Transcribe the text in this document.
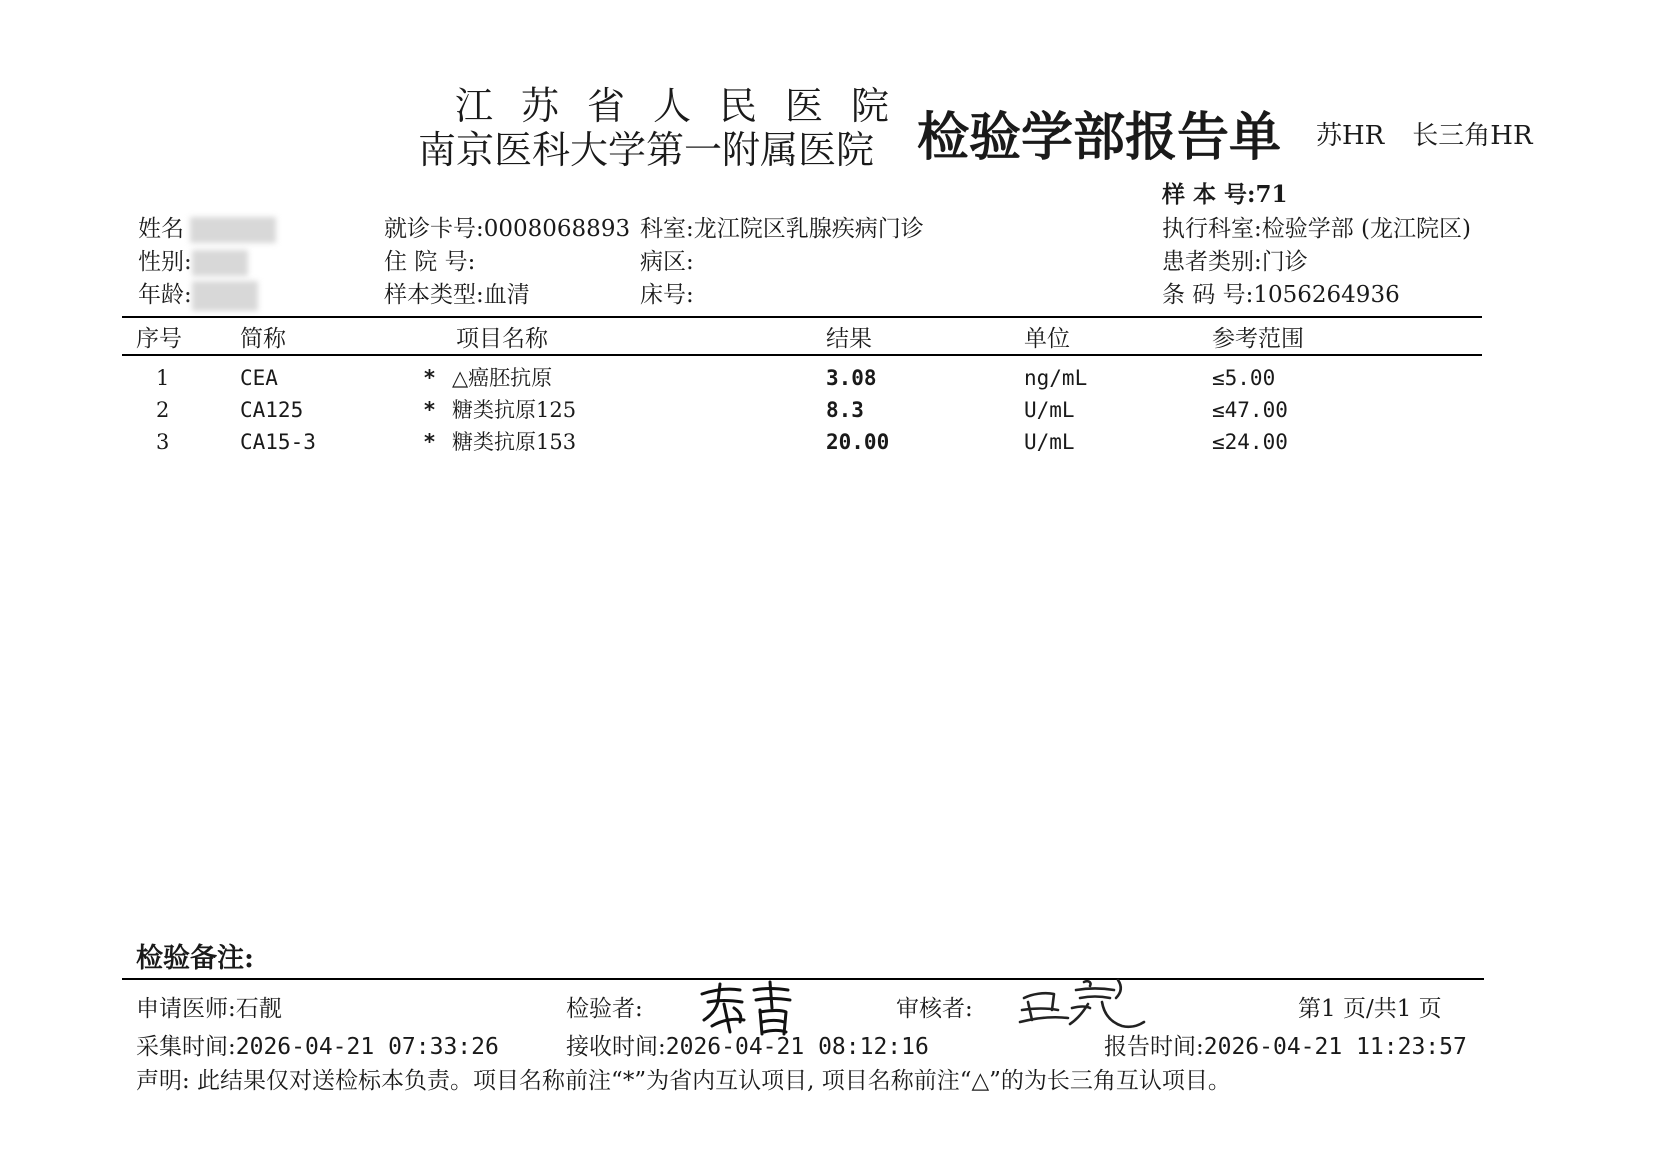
江苏省人民医院
南京医科大学第一附属医院 检验学部报告单 苏HR 长三角HR
样 本 号:71
姓名
性别:
年龄:
就诊卡号:0008068893
住 院 号:
样本类型:血清
科室:龙江院区乳腺疾病门诊
病区:
床号:
执行科室:检验学部 (龙江院区)
患者类别:门诊
条 码 号:1056264936
序号	简称	项目名称	结果	单位	参考范围
1	CEA	* △癌胚抗原	3.08	ng/mL	≤5.00
2	CA125	* 糖类抗原125	8.3	U/mL	≤47.00
3	CA15-3	* 糖类抗原153	20.00	U/mL	≤24.00
检验备注:
申请医师:石靓	检验者:	审核者:	第1 页/共1 页
采集时间:2026-04-21 07:33:26	接收时间:2026-04-21 08:12:16	报告时间:2026-04-21 11:23:57
声明: 此结果仅对送检标本负责。项目名称前注“*”为省内互认项目, 项目名称前注“△”的为长三角互认项目。
